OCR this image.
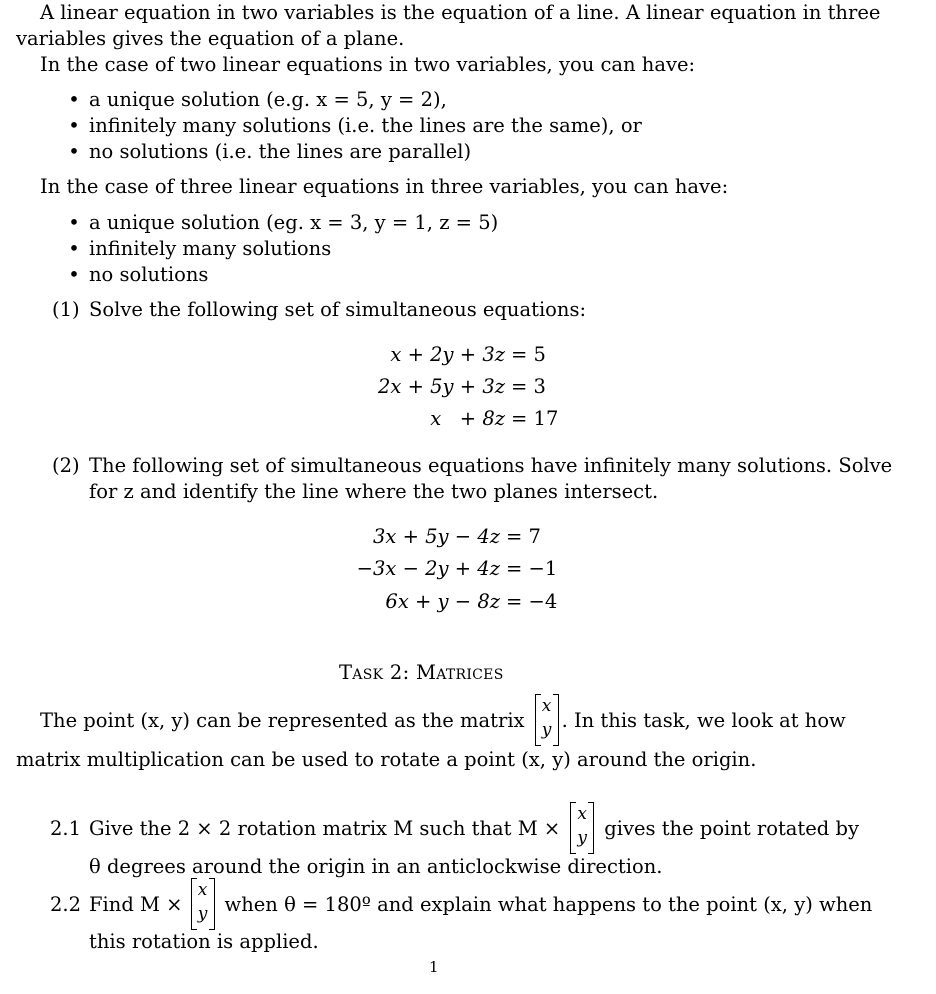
A linear equation in two variables is the equation of a line. A linear equation in three
variables gives the equation of a plane.
In the case of two linear equations in two variables, you can have:
• a unique solution (e.g. x = 5, y = 2),
• infinitely many solutions (i.e. the lines are the same), or
• no solutions (i.e. the lines are parallel)
In the case of three linear equations in three variables, you can have:
• a unique solution (eg. x = 3, y = 1, z = 5)
• infinitely many solutions
• no solutions
(1) Solve the following set of simultaneous equations:
x + 2y + 3z = 5
2x + 5y + 3z = 3
x   + 8z = 17
(2) The following set of simultaneous equations have infinitely many solutions. Solve
for z and identify the line where the two planes intersect.
3x + 5y − 4z = 7
−3x − 2y + 4z = −1
6x + y − 8z = −4
Task 2: Matrices
The point (x, y) can be represented as the matrix
x
y . In this task, we look at how
matrix multiplication can be used to rotate a point (x, y) around the origin.
2.1 Give the 2 × 2 rotation matrix M such that M ×
x
y gives the point rotated by
θ degrees around the origin in an anticlockwise direction.
2.2 Find M ×
x
y when θ = 180º and explain what happens to the point (x, y) when
this rotation is applied.
1
